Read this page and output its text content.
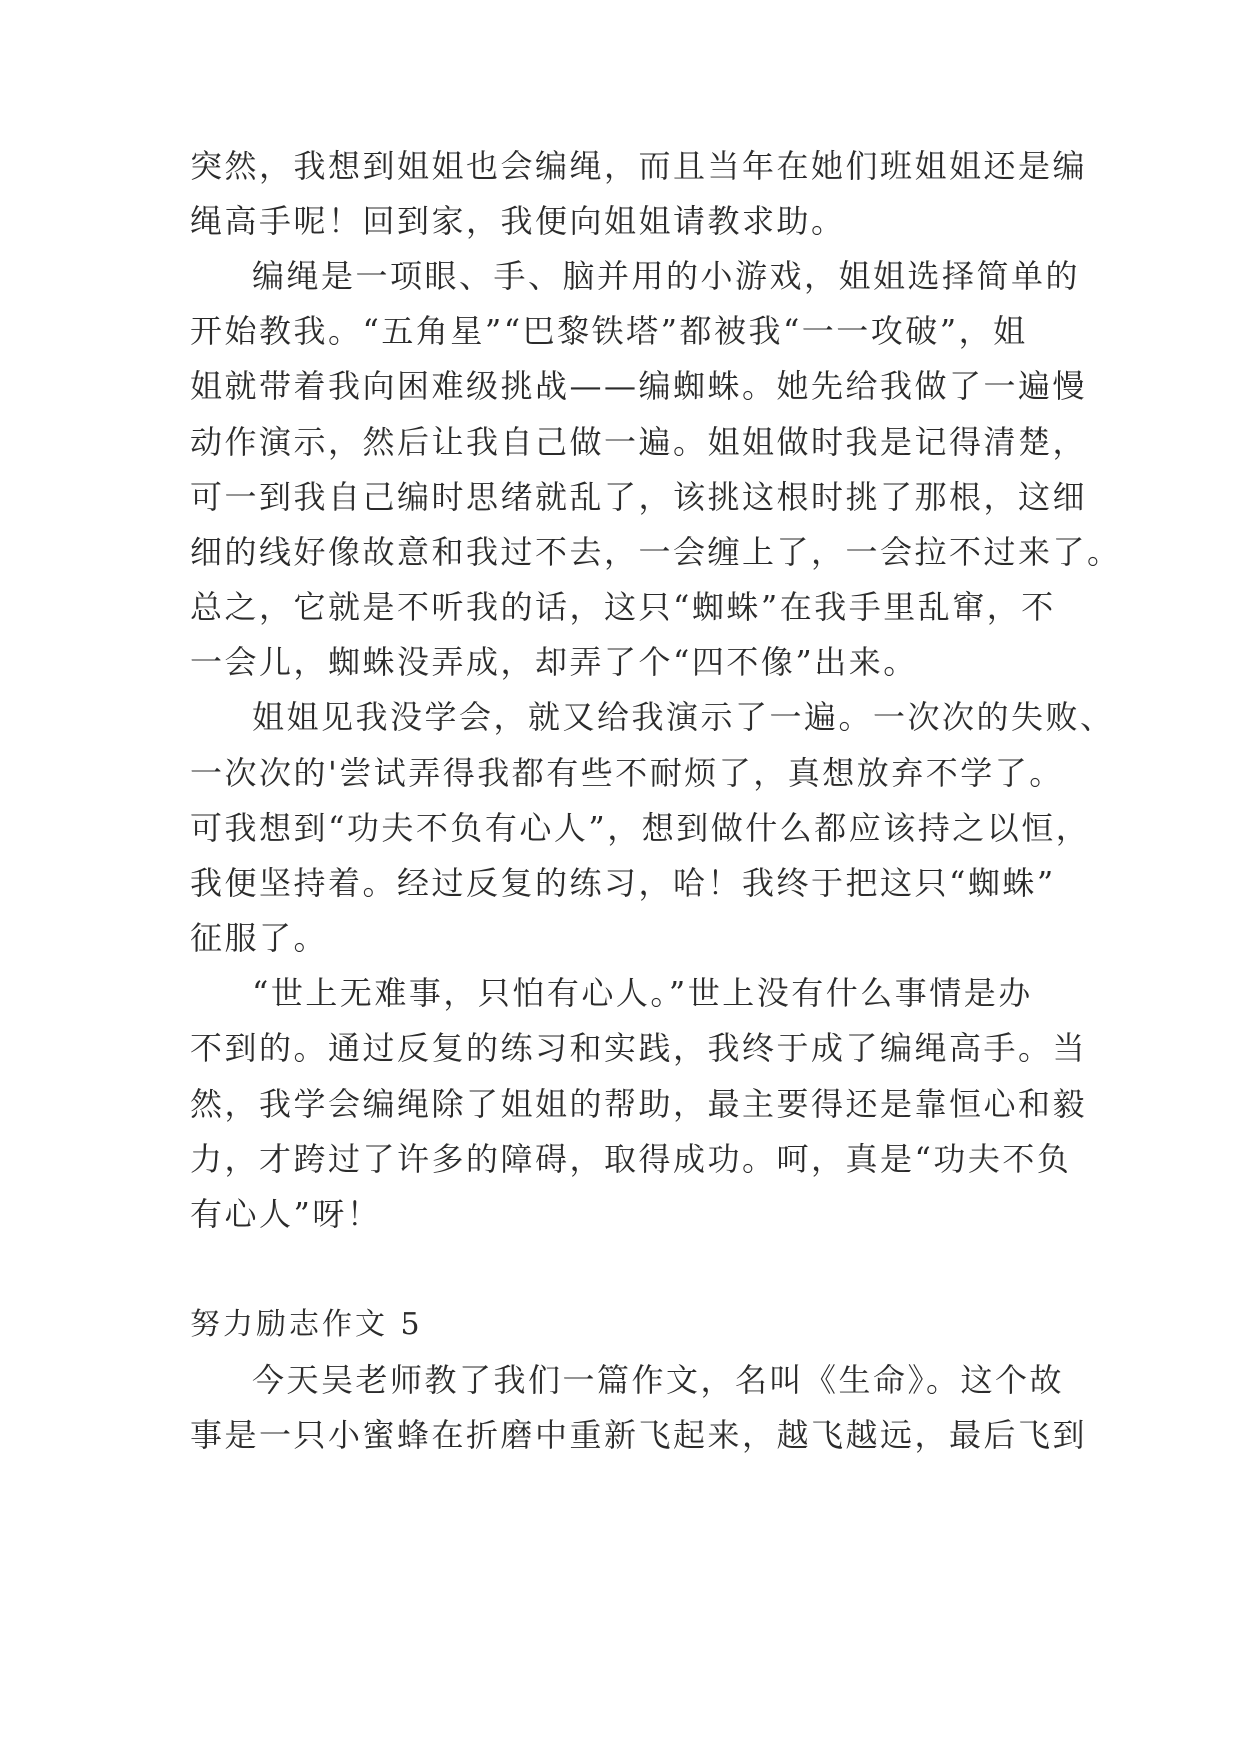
突然，我想到姐姐也会编绳，而且当年在她们班姐姐还是编
绳高手呢！回到家，我便向姐姐请教求助。
编绳是一项眼、手、脑并用的小游戏，姐姐选择简单的
开始教我。“五角星”“巴黎铁塔”都被我“一一攻破”，姐
姐就带着我向困难级挑战——编蜘蛛。她先给我做了一遍慢
动作演示，然后让我自己做一遍。姐姐做时我是记得清楚，
可一到我自己编时思绪就乱了，该挑这根时挑了那根，这细
细的线好像故意和我过不去，一会缠上了，一会拉不过来了。
总之，它就是不听我的话，这只“蜘蛛”在我手里乱窜，不
一会儿，蜘蛛没弄成，却弄了个“四不像”出来。
姐姐见我没学会，就又给我演示了一遍。一次次的失败、
一次次的'尝试弄得我都有些不耐烦了，真想放弃不学了。
可我想到“功夫不负有心人”，想到做什么都应该持之以恒，
我便坚持着。经过反复的练习，哈！我终于把这只“蜘蛛”
征服了。
“世上无难事，只怕有心人。”世上没有什么事情是办
不到的。通过反复的练习和实践，我终于成了编绳高手。当
然，我学会编绳除了姐姐的帮助，最主要得还是靠恒心和毅
力，才跨过了许多的障碍，取得成功。呵，真是“功夫不负
有心人”呀！
努力励志作文 5
今天吴老师教了我们一篇作文，名叫《生命》。这个故
事是一只小蜜蜂在折磨中重新飞起来，越飞越远，最后飞到
